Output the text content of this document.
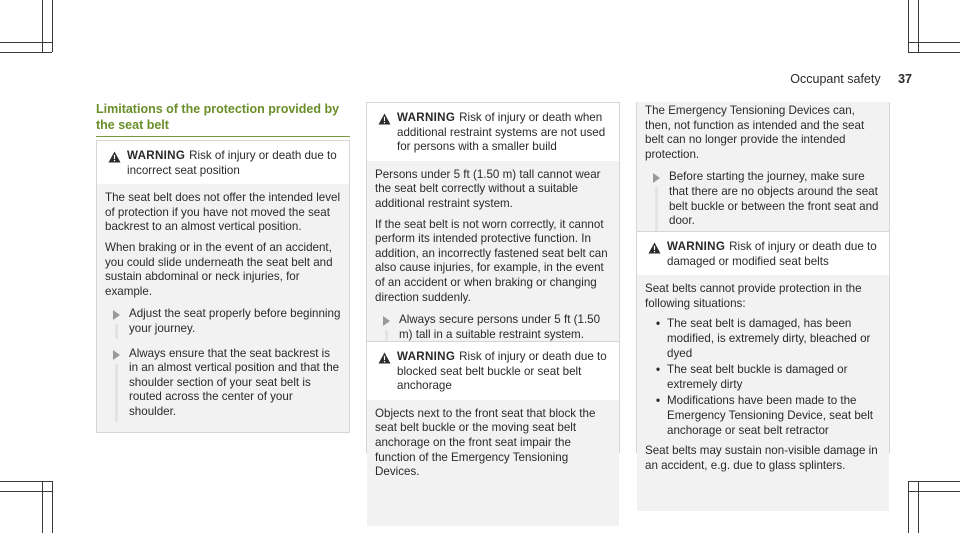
Occupant safety 37
Limitations of the protection provided by the seat belt
WARNING Risk of injury or death due to incorrect seat position

The seat belt does not offer the intended level of protection if you have not moved the seat backrest to an almost vertical position.

When braking or in the event of an accident, you could slide underneath the seat belt and sustain abdominal or neck injuries, for example.

Adjust the seat properly before beginning your journey.
Always ensure that the seat backrest is in an almost vertical position and that the shoulder section of your seat belt is routed across the center of your shoulder.
WARNING Risk of injury or death when additional restraint systems are not used for persons with a smaller build

Persons under 5 ft (1.50 m) tall cannot wear the seat belt correctly without a suitable additional restraint system.

If the seat belt is not worn correctly, it cannot perform its intended protective function. In addition, an incorrectly fastened seat belt can also cause injuries, for example, in the event of an accident or when braking or changing direction suddenly.

Always secure persons under 5 ft (1.50 m) tall in a suitable restraint system.
WARNING Risk of injury or death due to blocked seat belt buckle or seat belt anchorage

Objects next to the front seat that block the seat belt buckle or the moving seat belt anchorage on the front seat impair the function of the Emergency Tensioning Devices.

The Emergency Tensioning Devices can, then, not function as intended and the seat belt can no longer provide the intended protection.

Before starting the journey, make sure that there are no objects around the seat belt buckle or between the front seat and door.
WARNING Risk of injury or death due to damaged or modified seat belts

Seat belts cannot provide protection in the following situations:

• The seat belt is damaged, has been modified, is extremely dirty, bleached or dyed
• The seat belt buckle is damaged or extremely dirty
• Modifications have been made to the Emergency Tensioning Device, seat belt anchorage or seat belt retractor

Seat belts may sustain non-visible damage in an accident, e.g. due to glass splinters.
